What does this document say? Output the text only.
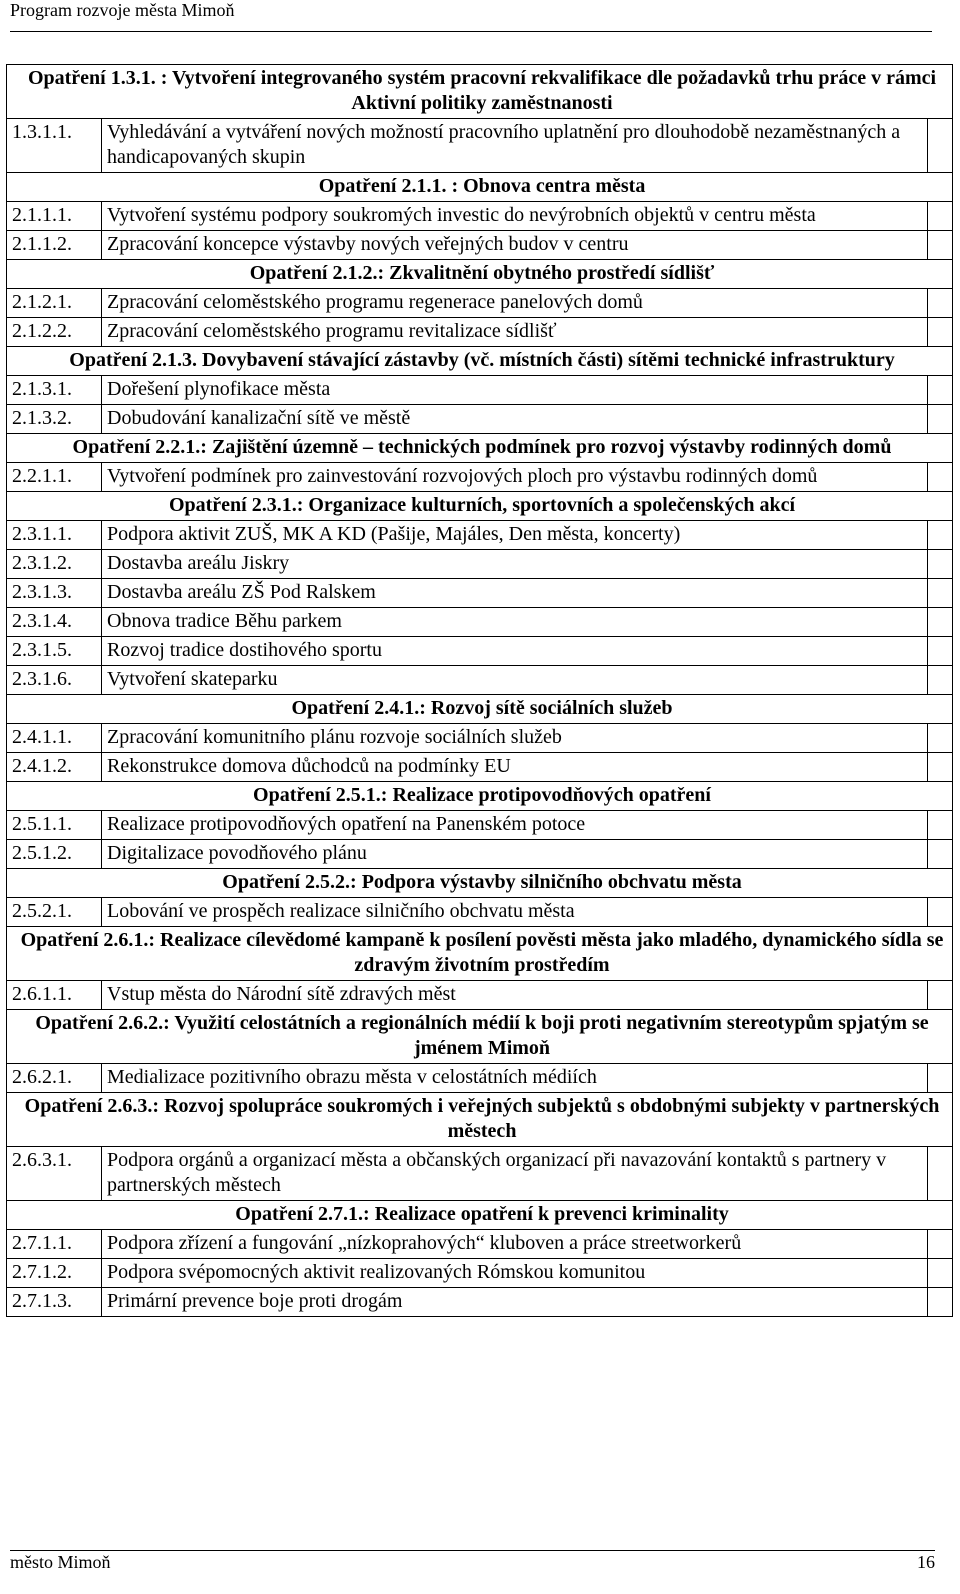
Program rozvoje města Mimoň
Opatření 1.3.1. : Vytvoření integrovaného systém pracovní rekvalifikace dle požadavků trhu práce v rámci Aktivní politiky zaměstnanosti		
1.3.1.1.	Vyhledávání a vytváření nových možností pracovního uplatnění pro dlouhodobě nezaměstnaných a handicapovaných skupin	
Opatření 2.1.1. : Obnova centra města		
2.1.1.1.	Vytvoření systému podpory soukromých investic do nevýrobních objektů v centru města	
2.1.1.2.	Zpracování koncepce výstavby nových veřejných budov v centru	
Opatření 2.1.2.: Zkvalitnění obytného prostředí sídlišť		
2.1.2.1.	Zpracování celoměstského programu regenerace panelových domů	
2.1.2.2.	Zpracování celoměstského programu revitalizace sídlišť	
Opatření 2.1.3. Dovybavení stávající zástavby (vč. místních části) sítěmi technické infrastruktury		
2.1.3.1.	Dořešení plynofikace města	
2.1.3.2.	Dobudování kanalizační sítě ve městě	
Opatření 2.2.1.: Zajištění územně – technických podmínek pro rozvoj výstavby rodinných domů		
2.2.1.1.	Vytvoření podmínek pro zainvestování rozvojových ploch pro výstavbu rodinných domů	
Opatření 2.3.1.: Organizace kulturních, sportovních a společenských akcí		
2.3.1.1.	Podpora aktivit ZUŠ, MK A KD (Pašije, Majáles, Den města, koncerty)	
2.3.1.2.	Dostavba areálu Jiskry	
2.3.1.3.	Dostavba areálu ZŠ Pod Ralskem	
2.3.1.4.	Obnova tradice Běhu parkem	
2.3.1.5.	Rozvoj tradice dostihového sportu	
2.3.1.6.	Vytvoření skateparku	
Opatření 2.4.1.: Rozvoj sítě sociálních služeb		
2.4.1.1.	Zpracování komunitního plánu rozvoje sociálních služeb	
2.4.1.2.	Rekonstrukce domova důchodců na podmínky EU	
Opatření 2.5.1.: Realizace protipovodňových opatření		
2.5.1.1.	Realizace protipovodňových opatření na Panenském potoce	
2.5.1.2.	Digitalizace povodňového plánu	
Opatření 2.5.2.: Podpora výstavby silničního obchvatu města		
2.5.2.1.	Lobování ve prospěch realizace silničního obchvatu města	
Opatření 2.6.1.: Realizace cílevědomé kampaně k posílení pověsti města jako mladého, dynamického sídla se zdravým životním prostředím		
2.6.1.1.	Vstup města do Národní sítě zdravých měst	
Opatření 2.6.2.: Využití celostátních a regionálních médií k boji proti negativním stereotypům spjatým se jménem Mimoň		
2.6.2.1.	Medializace pozitivního obrazu města v celostátních médiích	
Opatření 2.6.3.: Rozvoj spolupráce soukromých i veřejných subjektů s obdobnými subjekty v partnerských městech		
2.6.3.1.	Podpora orgánů a organizací města a občanských organizací při navazování kontaktů s partnery v partnerských městech	
Opatření 2.7.1.: Realizace opatření k prevenci kriminality		
2.7.1.1.	Podpora zřízení a fungování „nízkoprahových“ kluboven a práce streetworkerů	
2.7.1.2.	Podpora svépomocných aktivit realizovaných Rómskou komunitou	
2.7.1.3.	Primární prevence boje proti drogám	
město Mimoň	16
